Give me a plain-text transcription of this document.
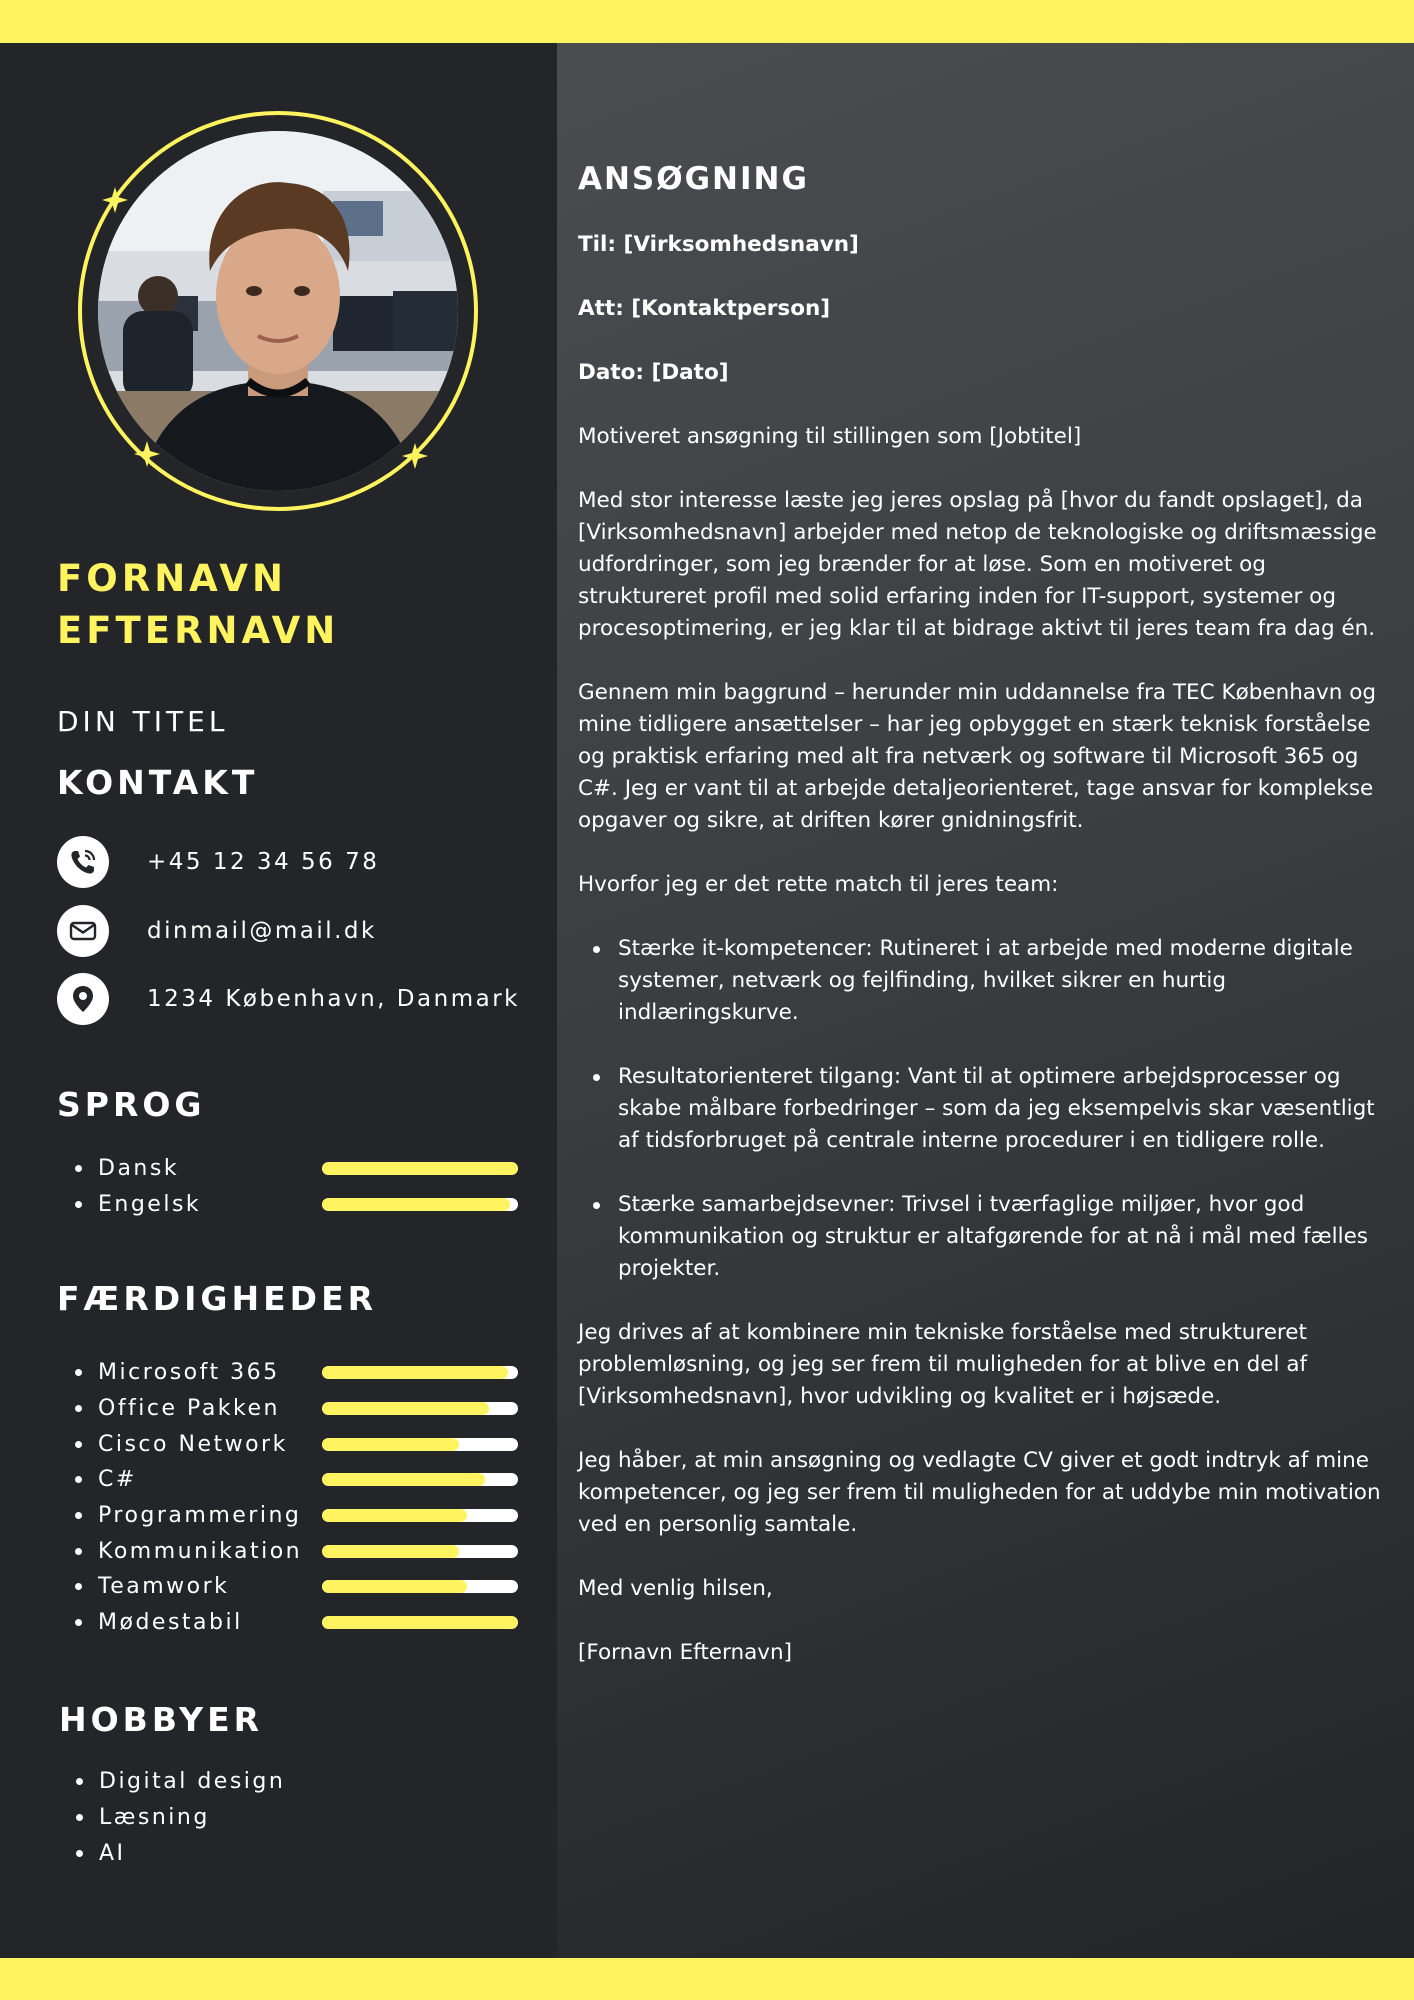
FORNAVN
EFTERNAVN
DIN TITEL
KONTAKT
+45 12 34 56 78
dinmail@mail.dk
1234 København, Danmark
SPROG
Dansk
Engelsk
FÆRDIGHEDER
Microsoft 365
Office Pakken
Cisco Network
C#
Programmering
Kommunikation
Teamwork
Mødestabil
HOBBYER
Digital design
Læsning
AI
ANSØGNING

Til: [Virksomhedsnavn]

Att: [Kontaktperson]

Dato: [Dato]

Motiveret ansøgning til stillingen som [Jobtitel]

Med stor interesse læste jeg jeres opslag på [hvor du fandt opslaget], da [Virksomhedsnavn] arbejder med netop de teknologiske og driftsmæssige udfordringer, som jeg brænder for at løse. Som en motiveret og struktureret profil med solid erfaring inden for IT-support, systemer og procesoptimering, er jeg klar til at bidrage aktivt til jeres team fra dag én.

Gennem min baggrund – herunder min uddannelse fra TEC København og mine tidligere ansættelser – har jeg opbygget en stærk teknisk forståelse og praktisk erfaring med alt fra netværk og software til Microsoft 365 og C#. Jeg er vant til at arbejde detaljeorienteret, tage ansvar for komplekse opgaver og sikre, at driften kører gnidningsfrit.

Hvorfor jeg er det rette match til jeres team:

Stærke it-kompetencer: Rutineret i at arbejde med moderne digitale systemer, netværk og fejlfinding, hvilket sikrer en hurtig indlæringskurve.
Resultatorienteret tilgang: Vant til at optimere arbejdsprocesser og skabe målbare forbedringer – som da jeg eksempelvis skar væsentligt af tidsforbruget på centrale interne procedurer i en tidligere rolle.
Stærke samarbejdsevner: Trivsel i tværfaglige miljøer, hvor god kommunikation og struktur er altafgørende for at nå i mål med fælles projekter.

Jeg drives af at kombinere min tekniske forståelse med struktureret problemløsning, og jeg ser frem til muligheden for at blive en del af [Virksomhedsnavn], hvor udvikling og kvalitet er i højsæde.

Jeg håber, at min ansøgning og vedlagte CV giver et godt indtryk af mine kompetencer, og jeg ser frem til muligheden for at uddybe min motivation ved en personlig samtale.

Med venlig hilsen,

[Fornavn Efternavn]
